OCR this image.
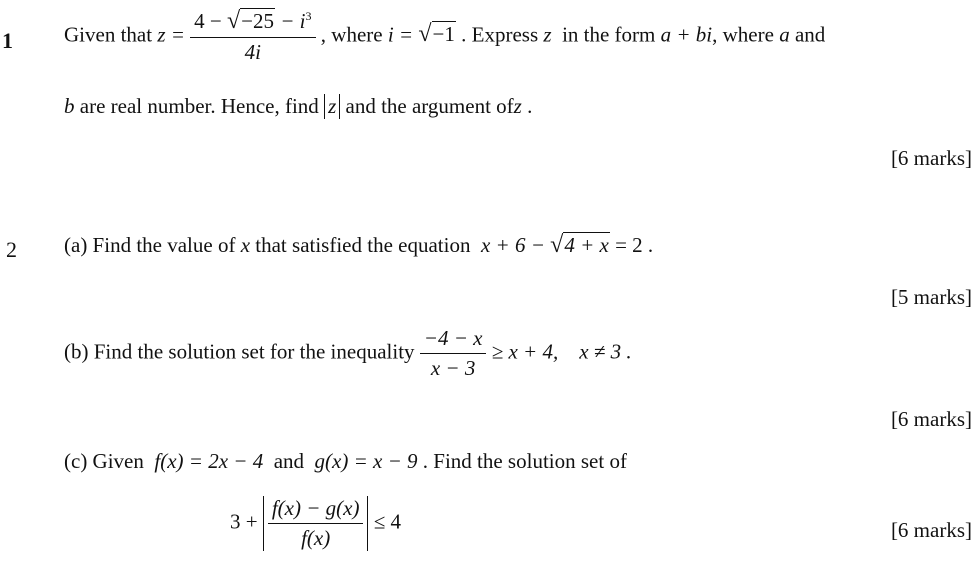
1 Given that $z = \frac{4 - √-25 - i^3}{4i}$ , where i = √−1 . Express z in the form a + bi, where a and
b are real number. Hence, find z and the argument ofz .
[6 marks]
2 (a) Find the value of x that satisfied the equation x + 6 − √4 + x = 2 .
[5 marks]
(b) Find the solution set for the inequality $\frac{-4 - x}{x - 3} \ge x + 4$, x ≠ 3 .
[6 marks]
(c) Given f(x) = 2x − 4 and g(x) = x − 9 . Find the solution set of
$3 + \frac{f(x) - g(x)}{f(x)} \le 4$	[6 marks]
